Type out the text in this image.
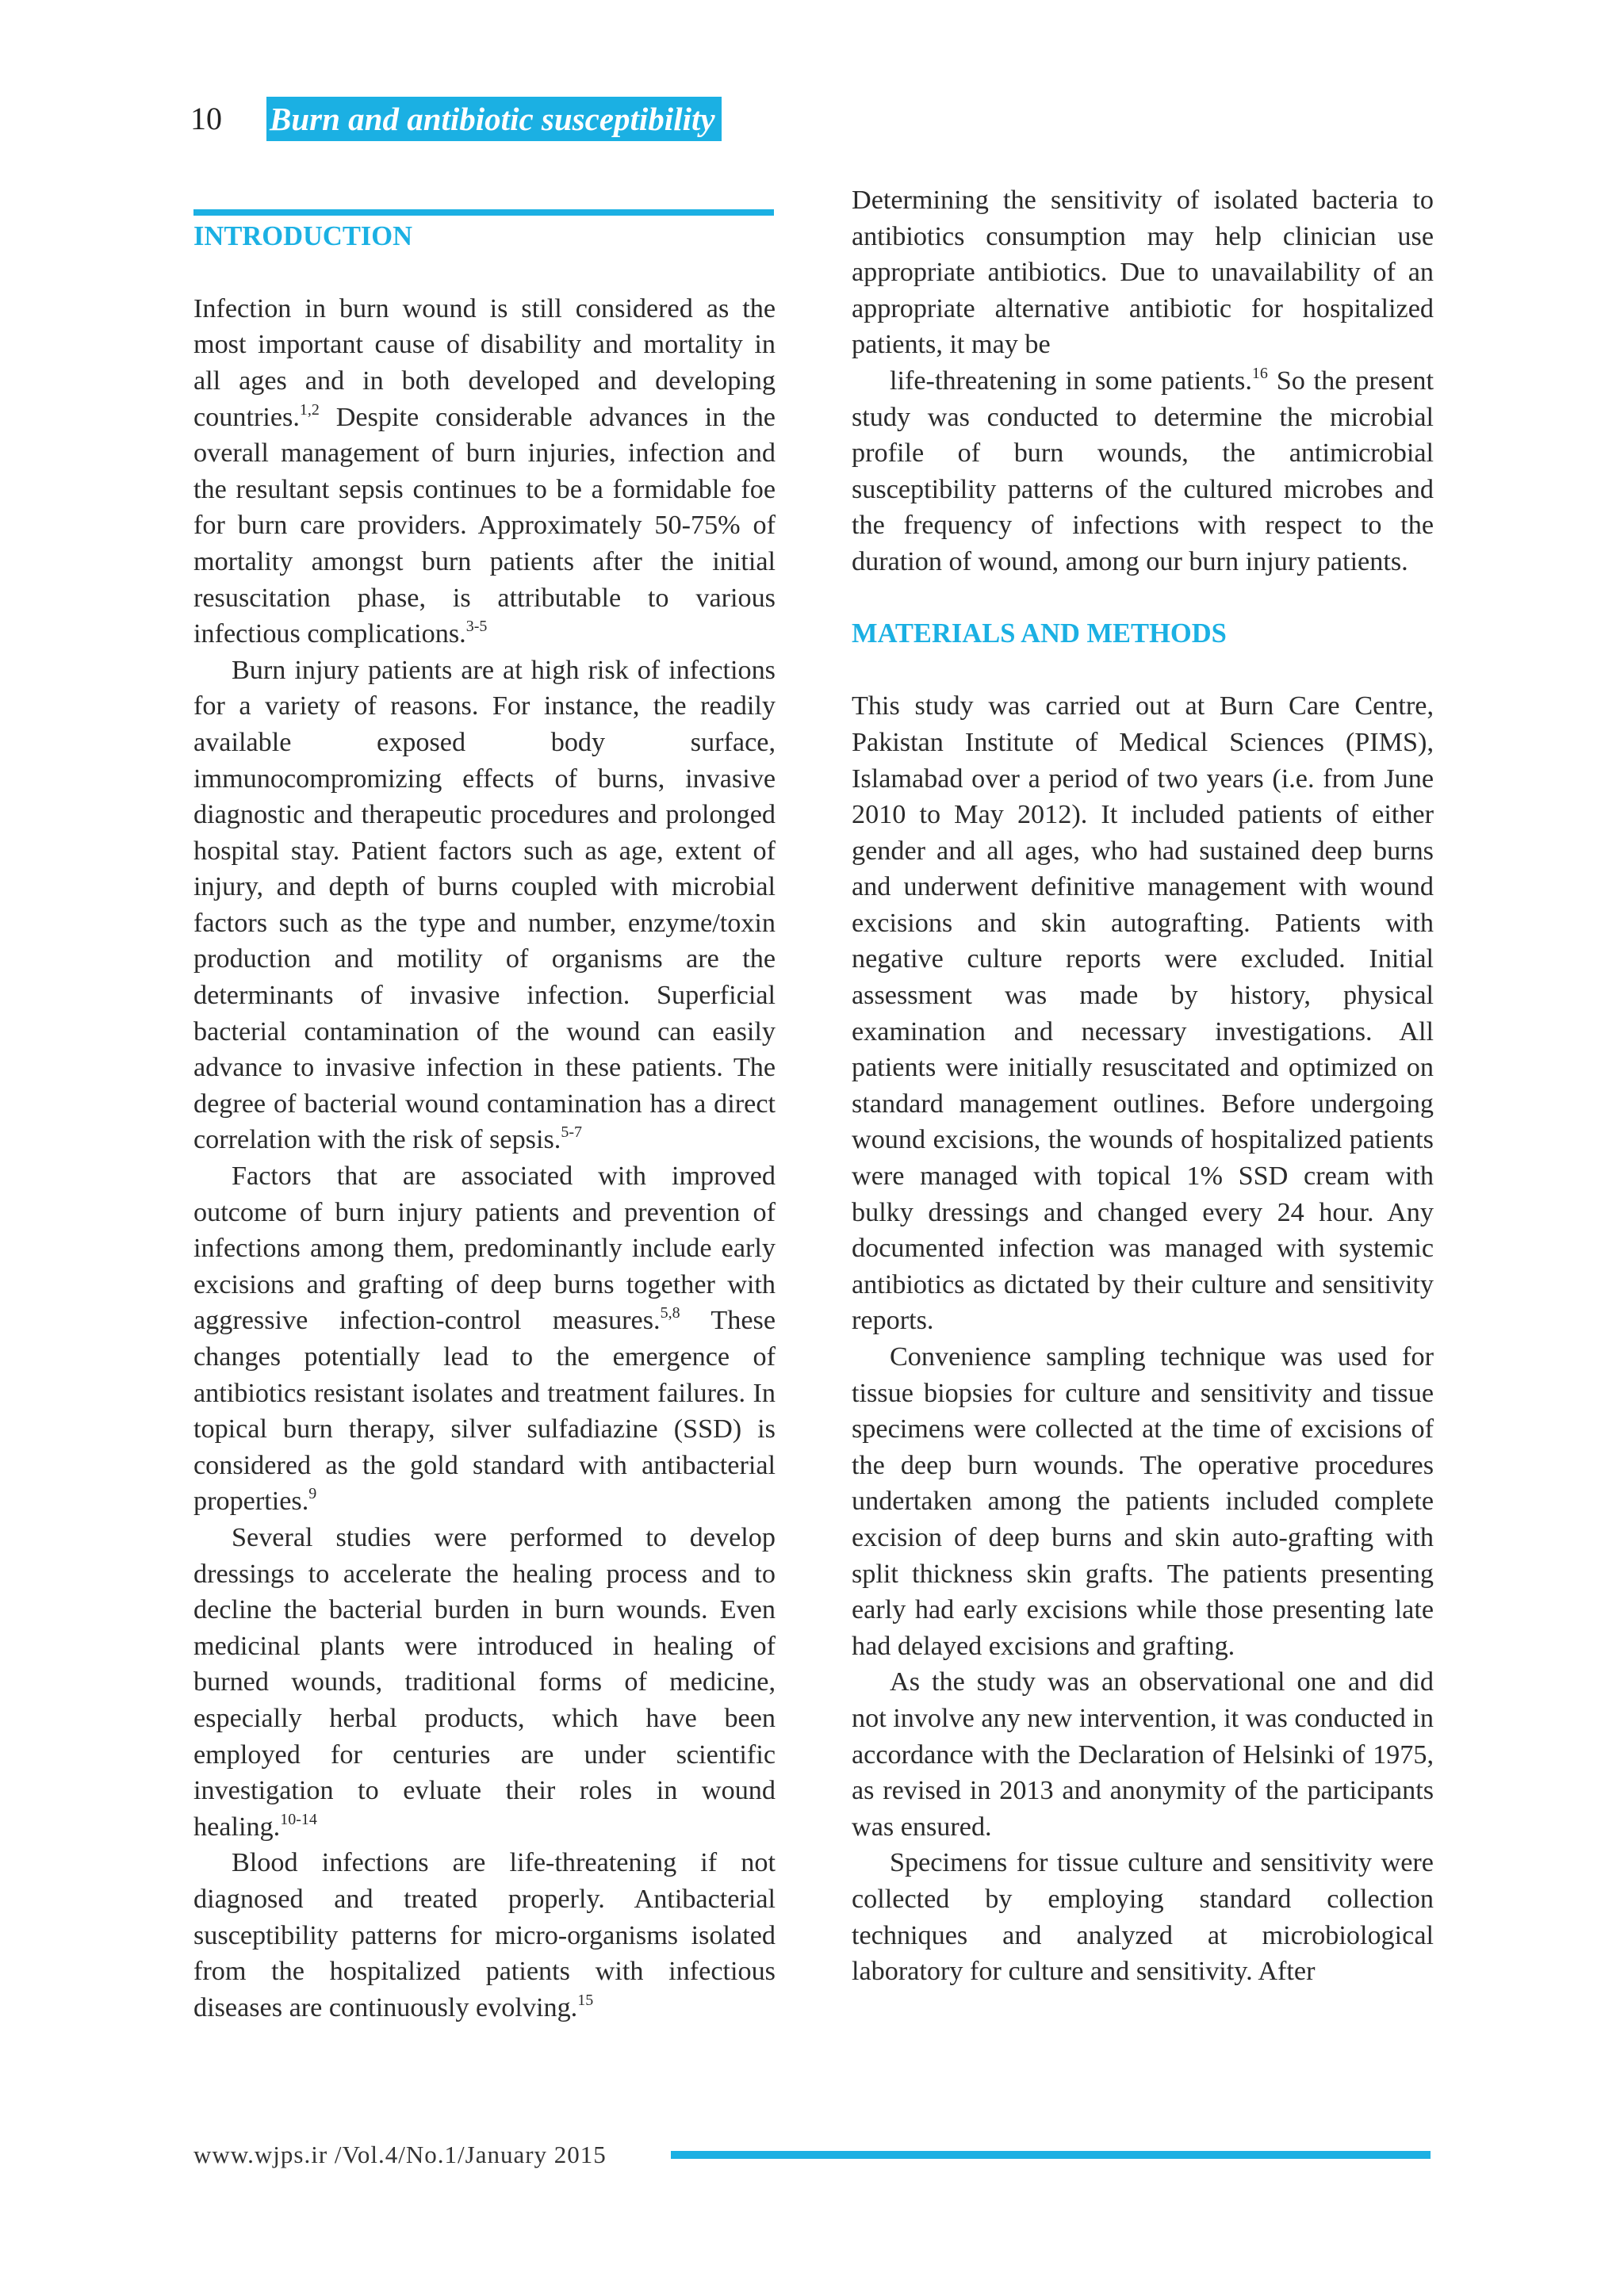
10 Burn and antibiotic susceptibility
INTRODUCTION

Infection in burn wound is still considered as the most important cause of disability and mortality in all ages and in both developed and developing countries.$^{1,2}$ Despite considerable advances in the overall management of burn injuries, infection and the resultant sepsis continues to be a formidable foe for burn care providers. Approximately 50-75% of mortality amongst burn patients after the initial resuscitation phase, is attributable to various infectious complications.$^{3-5}$

Burn injury patients are at high risk of infections for a variety of reasons. For instance, the readily available exposed body surface, immunocompromizing effects of burns, invasive diagnostic and therapeutic procedures and prolonged hospital stay. Patient factors such as age, extent of injury, and depth of burns coupled with microbial factors such as the type and number, enzyme/toxin production and motility of organisms are the determinants of invasive infection. Superficial bacterial contamination of the wound can easily advance to invasive infection in these patients. The degree of bacterial wound contamination has a direct correlation with the risk of sepsis.$^{5-7}$

Factors that are associated with improved outcome of burn injury patients and prevention of infections among them, predominantly include early excisions and grafting of deep burns together with aggressive infection-control measures.$^{5,8}$ These changes potentially lead to the emergence of antibiotics resistant isolates and treatment failures. In topical burn therapy, silver sulfadiazine (SSD) is considered as the gold standard with antibacterial properties.$^9$

Several studies were performed to develop dressings to accelerate the healing process and to decline the bacterial burden in burn wounds. Even medicinal plants were introduced in healing of burned wounds, traditional forms of medicine, especially herbal products, which have been employed for centuries are under scientific investigation to evluate their roles in wound healing.$^{10-14}$

Blood infections are life-threatening if not diagnosed and treated properly. Antibacterial susceptibility patterns for micro-organisms isolated from the hospitalized patients with infectious diseases are continuously evolving.$^{15}$

Determining the sensitivity of isolated bacteria to antibiotics consumption may help clinician use appropriate antibiotics. Due to unavailability of an appropriate alternative antibiotic for hospitalized patients, it may be

life-threatening in some patients.$^{16}$ So the present study was conducted to determine the microbial profile of burn wounds, the antimicrobial susceptibility patterns of the cultured microbes and the frequency of infections with respect to the duration of wound, among our burn injury patients.

MATERIALS AND METHODS

This study was carried out at Burn Care Centre, Pakistan Institute of Medical Sciences (PIMS), Islamabad over a period of two years (i.e. from June 2010 to May 2012). It included patients of either gender and all ages, who had sustained deep burns and underwent definitive management with wound excisions and skin autografting. Patients with negative culture reports were excluded. Initial assessment was made by history, physical examination and necessary investigations. All patients were initially resuscitated and optimized on standard management outlines. Before undergoing wound excisions, the wounds of hospitalized patients were managed with topical 1% SSD cream with bulky dressings and changed every 24 hour. Any documented infection was managed with systemic antibiotics as dictated by their culture and sensitivity reports.

Convenience sampling technique was used for tissue biopsies for culture and sensitivity and tissue specimens were collected at the time of excisions of the deep burn wounds. The operative procedures undertaken among the patients included complete excision of deep burns and skin auto-grafting with split thickness skin grafts. The patients presenting early had early excisions while those presenting late had delayed excisions and grafting.

As the study was an observational one and did not involve any new intervention, it was conducted in accordance with the Declaration of Helsinki of 1975, as revised in 2013 and anonymity of the participants was ensured.

Specimens for tissue culture and sensitivity were collected by employing standard collection techniques and analyzed at microbiological laboratory for culture and sensitivity. After

www.wjps.ir /Vol.4/No.1/January 2015
